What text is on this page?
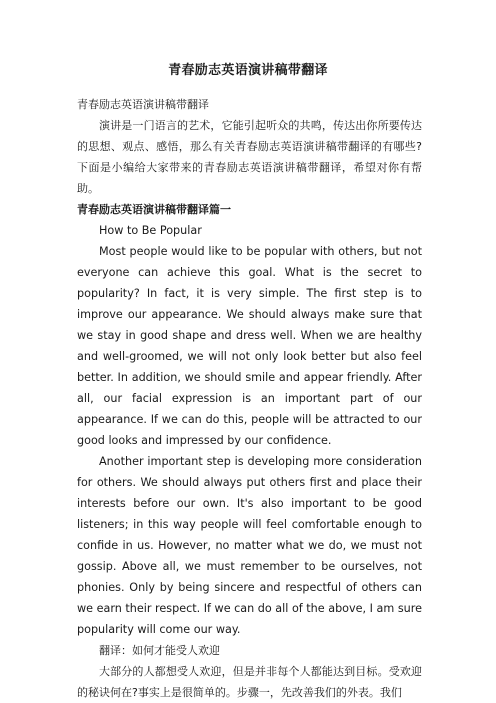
青春励志英语演讲稿带翻译

青春励志英语演讲稿带翻译

演讲是一门语言的艺术，它能引起听众的共鸣，传达出你所要传达的思想、观点、感悟，那么有关青春励志英语演讲稿带翻译的有哪些?下面是小编给大家带来的青春励志英语演讲稿带翻译，希望对你有帮助。

青春励志英语演讲稿带翻译篇一

How to Be Popular

Most people would like to be popular with others, but not everyone can achieve this goal. What is the secret to popularity? In fact, it is very simple. The first step is to improve our appearance. We should always make sure that we stay in good shape and dress well. When we are healthy and well-groomed, we will not only look better but also feel better. In addition, we should smile and appear friendly. After all, our facial expression is an important part of our appearance. If we can do this, people will be attracted to our good looks and impressed by our confidence.

Another important step is developing more consideration for others. We should always put others first and place their interests before our own. It's also important to be good listeners; in this way people will feel comfortable enough to confide in us. However, no matter what we do, we must not gossip. Above all, we must remember to be ourselves, not phonies. Only by being sincere and respectful of others can we earn their respect. If we can do all of the above, I am sure popularity will come our way.

翻译：如何才能受人欢迎

大部分的人都想受人欢迎，但是并非每个人都能达到目标。受欢迎的秘诀何在?事实上是很简单的。步骤一，先改善我们的外表。我们
